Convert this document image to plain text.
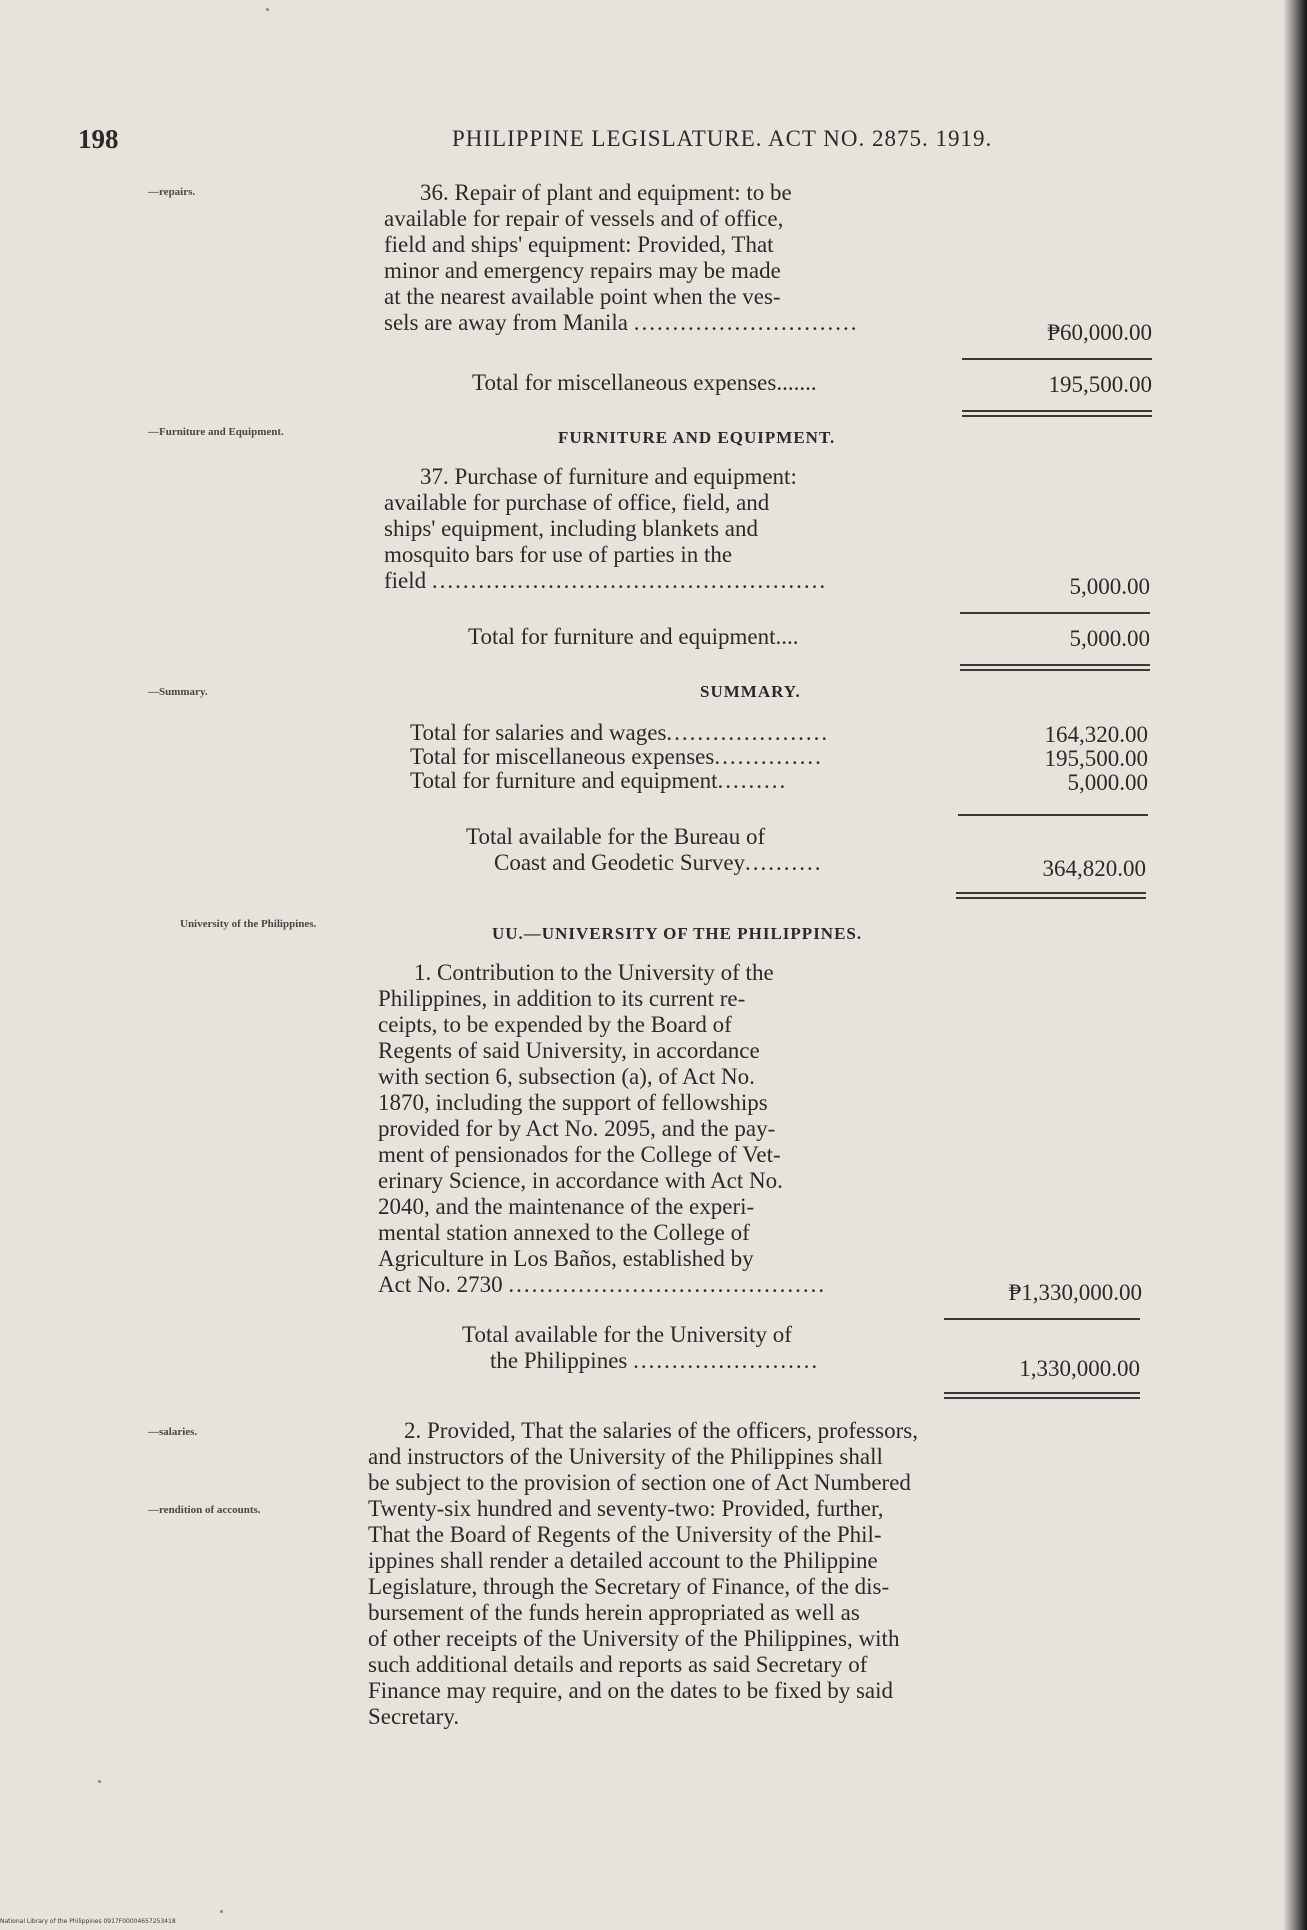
198	PHILIPPINE LEGISLATURE. ACT NO. 2875. 1919.
—repairs.	36. Repair of plant and equipment: to be
available for repair of vessels and of office,
field and ships' equipment: Provided, That
minor and emergency repairs may be made
at the nearest available point when the ves-
sels are away from Manila .............................	₱60,000.00
Total for miscellaneous expenses.......	195,500.00
—Furniture and Equipment.	FURNITURE AND EQUIPMENT.
37. Purchase of furniture and equipment:
available for purchase of office, field, and
ships' equipment, including blankets and
mosquito bars for use of parties in the
field ...................................................	5,000.00
Total for furniture and equipment....	5,000.00
—Summary.	SUMMARY.
Total for salaries and wages.....................	164,320.00
Total for miscellaneous expenses..............	195,500.00
Total for furniture and equipment.........	5,000.00
Total available for the Bureau of
Coast and Geodetic Survey..........	364,820.00
University of the Philippines.	UU.—UNIVERSITY OF THE PHILIPPINES.
1. Contribution to the University of the
Philippines, in addition to its current re-
ceipts, to be expended by the Board of
Regents of said University, in accordance
with section 6, subsection (a), of Act No.
1870, including the support of fellowships
provided for by Act No. 2095, and the pay-
ment of pensionados for the College of Vet-
erinary Science, in accordance with Act No.
2040, and the maintenance of the experi-
mental station annexed to the College of
Agriculture in Los Baños, established by
Act No. 2730 .........................................	₱1,330,000.00
Total available for the University of
the Philippines ........................	1,330,000.00
—salaries.
—rendition of accounts.
2. Provided, That the salaries of the officers, professors,
and instructors of the University of the Philippines shall
be subject to the provision of section one of Act Numbered
Twenty-six hundred and seventy-two: Provided, further,
That the Board of Regents of the University of the Phil-
ippines shall render a detailed account to the Philippine
Legislature, through the Secretary of Finance, of the dis-
bursement of the funds herein appropriated as well as
of other receipts of the University of the Philippines, with
such additional details and reports as said Secretary of
Finance may require, and on the dates to be fixed by said
Secretary.
National Library of the Philippines 0917F00004657253418
